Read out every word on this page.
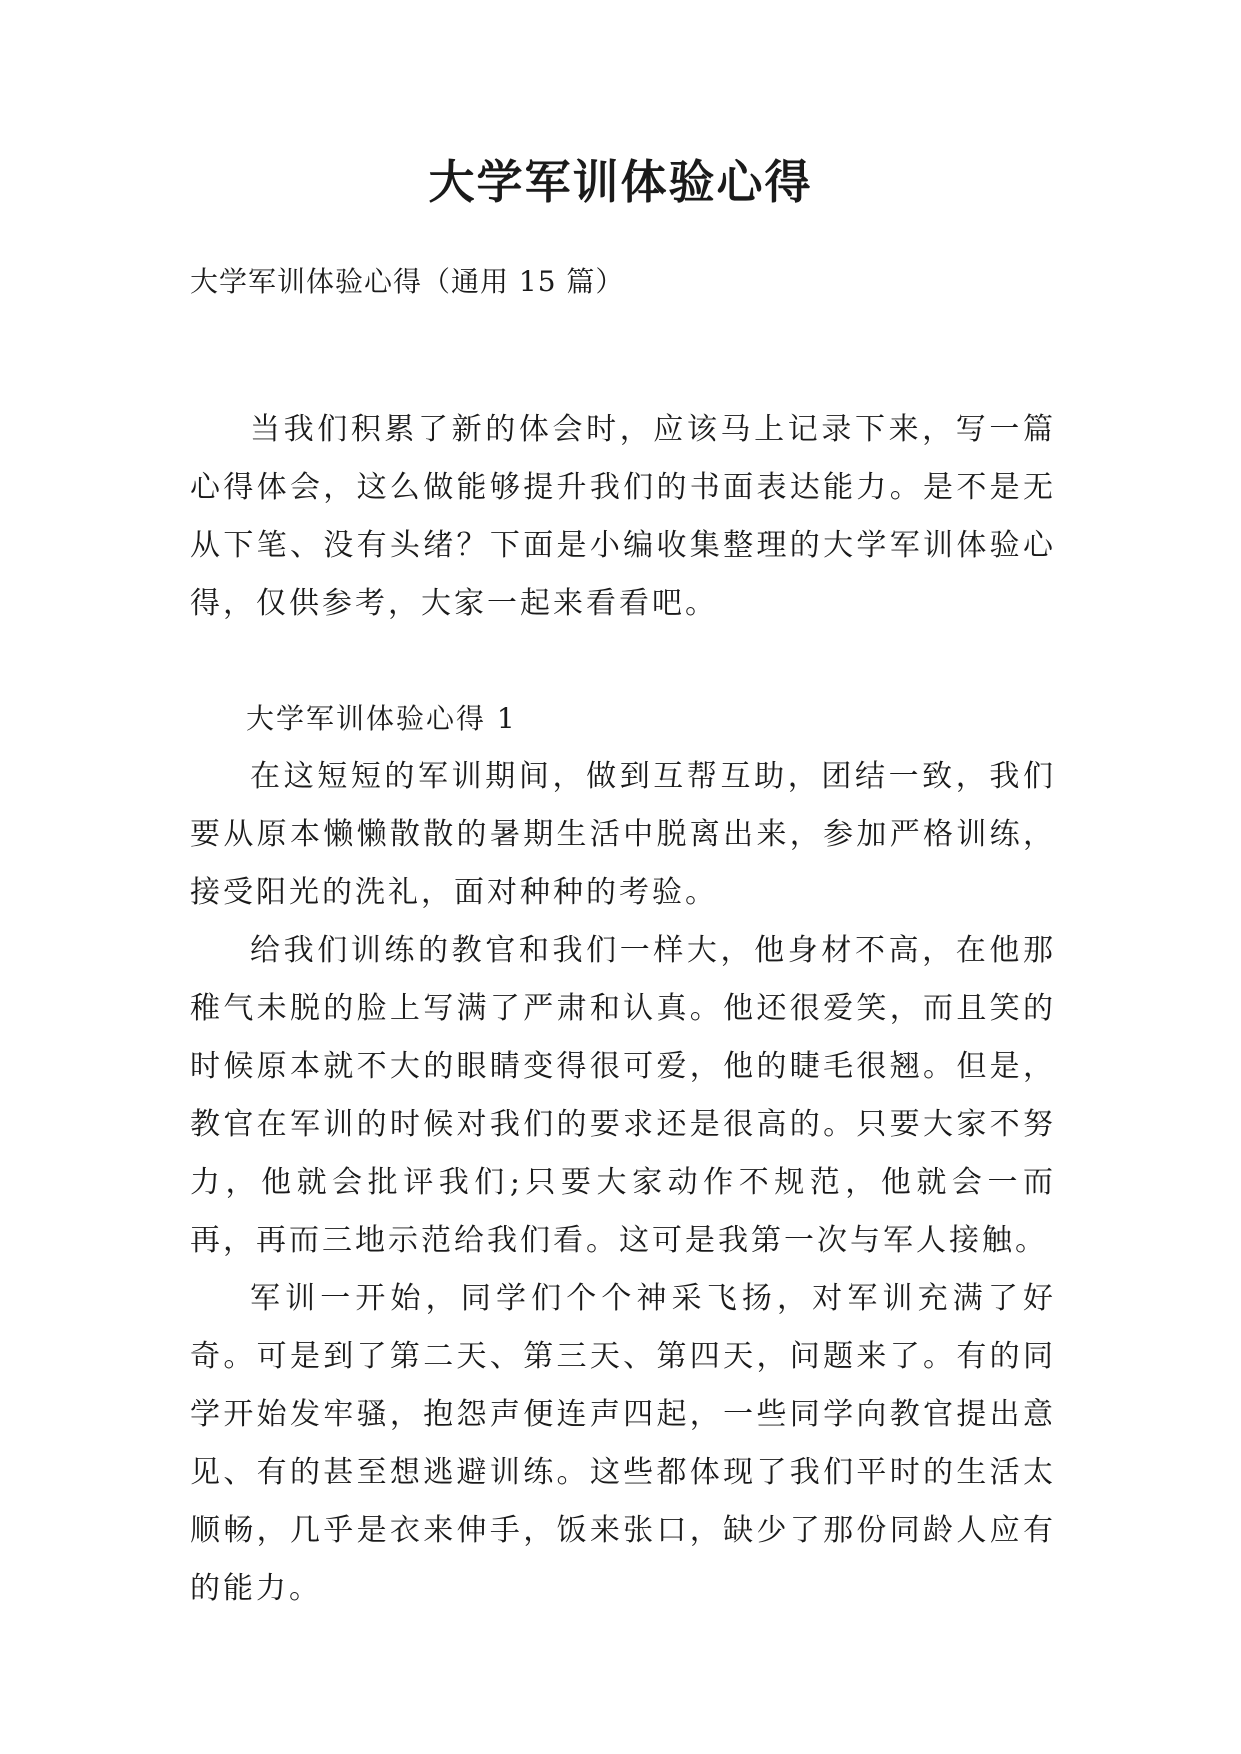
大学军训体验心得

大学军训体验心得（通用 15 篇）

当我们积累了新的体会时，应该马上记录下来，写一篇心得体会，这么做能够提升我们的书面表达能力。是不是无从下笔、没有头绪？下面是小编收集整理的大学军训体验心得，仅供参考，大家一起来看看吧。

大学军训体验心得 1

在这短短的军训期间，做到互帮互助，团结一致，我们要从原本懒懒散散的暑期生活中脱离出来，参加严格训练，接受阳光的洗礼，面对种种的考验。

给我们训练的教官和我们一样大，他身材不高，在他那稚气未脱的脸上写满了严肃和认真。他还很爱笑，而且笑的时候原本就不大的眼睛变得很可爱，他的睫毛很翘。但是，教官在军训的时候对我们的要求还是很高的。只要大家不努力，他就会批评我们;只要大家动作不规范，他就会一而再，再而三地示范给我们看。这可是我第一次与军人接触。

军训一开始，同学们个个神采飞扬，对军训充满了好奇。可是到了第二天、第三天、第四天，问题来了。有的同学开始发牢骚，抱怨声便连声四起，一些同学向教官提出意见、有的甚至想逃避训练。这些都体现了我们平时的生活太顺畅，几乎是衣来伸手，饭来张口，缺少了那份同龄人应有的能力。
